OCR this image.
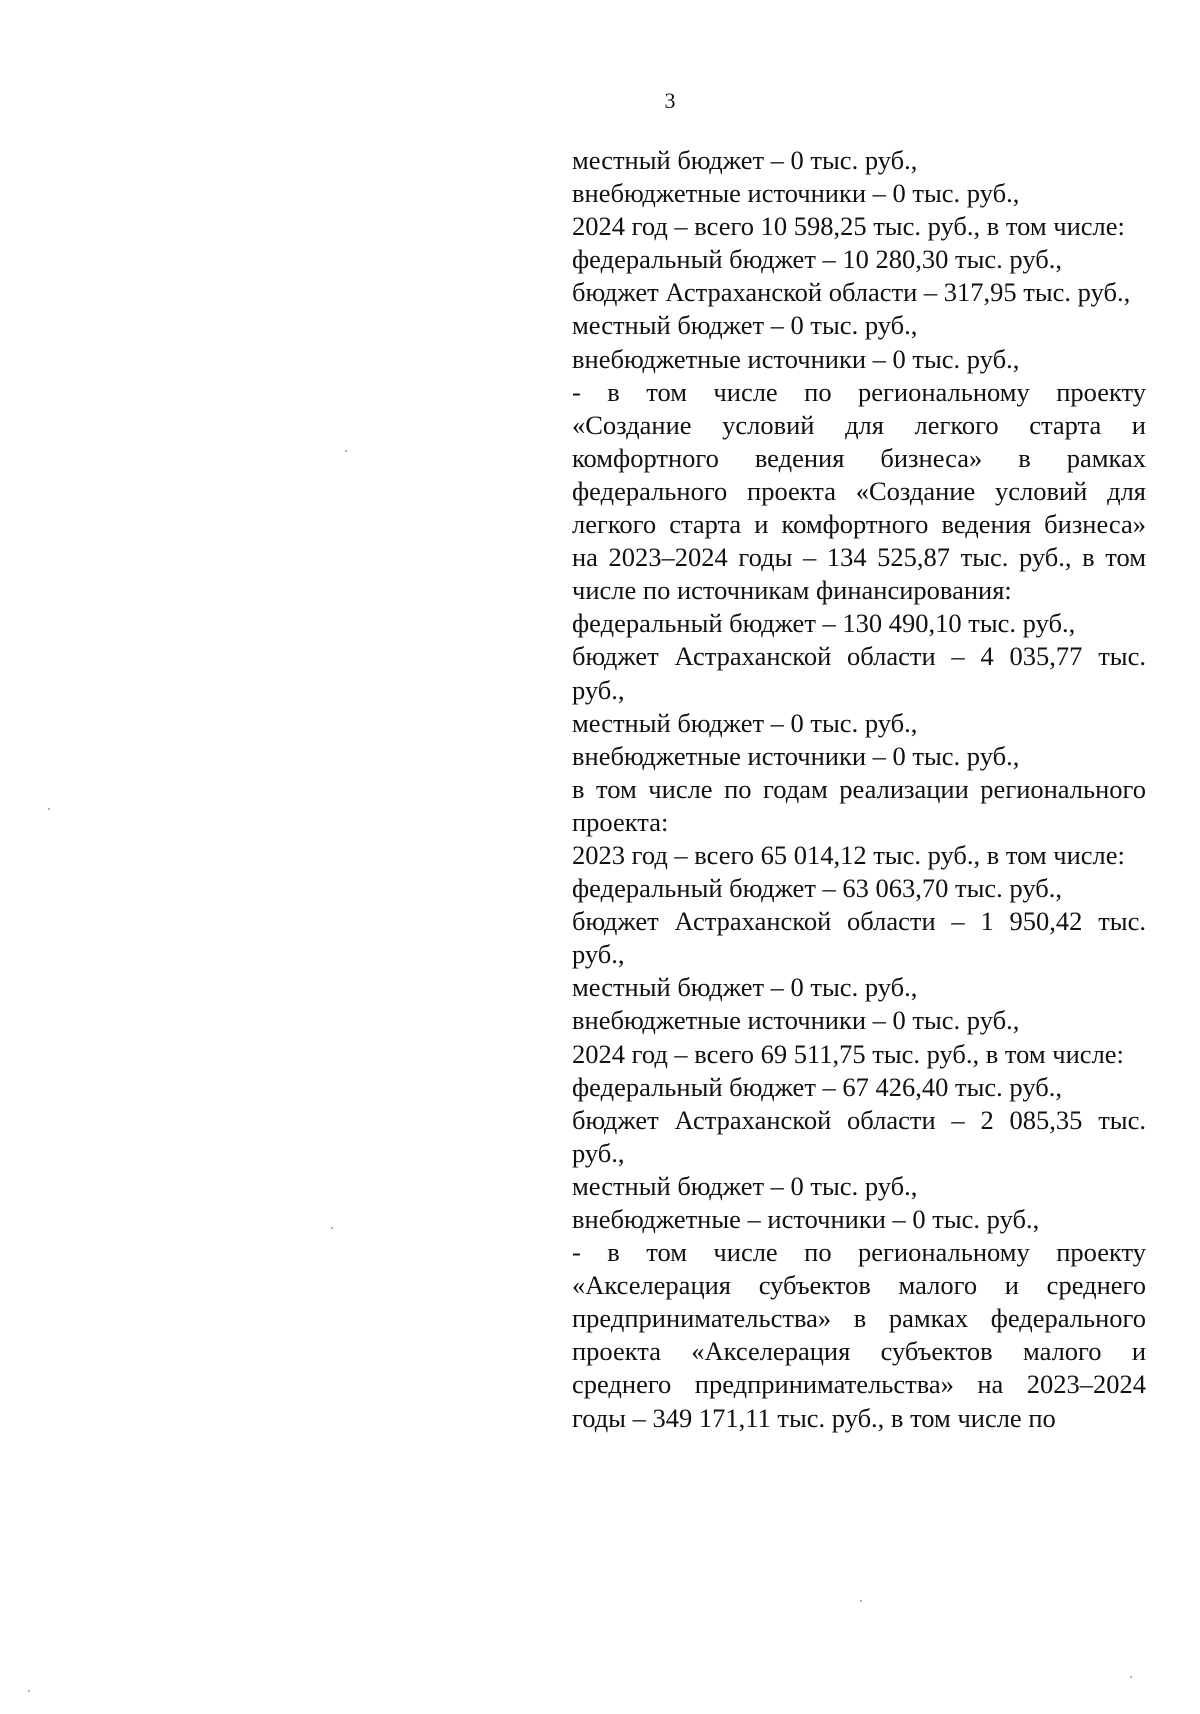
3

местный бюджет – 0 тыс. руб.,

внебюджетные источники – 0 тыс. руб.,

2024 год – всего 10 598,25 тыс. руб., в том числе:

федеральный бюджет – 10 280,30 тыс. руб.,

бюджет Астраханской области – 317,95 тыс. руб.,

местный бюджет – 0 тыс. руб.,

внебюджетные источники – 0 тыс. руб.,

- в том числе по региональному проекту «Создание условий для легкого старта и комфортного ведения бизнеса» в рамках федерального проекта «Создание условий для легкого старта и комфортного ведения бизнеса» на 2023–2024 годы – 134 525,87 тыс. руб., в том числе по источникам финансирования:

федеральный бюджет – 130 490,10 тыс. руб.,

бюджет Астраханской области – 4 035,77 тыс. руб.,

местный бюджет – 0 тыс. руб.,

внебюджетные источники – 0 тыс. руб.,

в том числе по годам реализации регионального проекта:

2023 год – всего 65 014,12 тыс. руб., в том числе:

федеральный бюджет – 63 063,70 тыс. руб.,

бюджет Астраханской области – 1 950,42 тыс. руб.,

местный бюджет – 0 тыс. руб.,

внебюджетные источники – 0 тыс. руб.,

2024 год – всего 69 511,75 тыс. руб., в том числе:

федеральный бюджет – 67 426,40 тыс. руб.,

бюджет Астраханской области – 2 085,35 тыс. руб.,

местный бюджет – 0 тыс. руб.,

внебюджетные – источники – 0 тыс. руб.,

- в том числе по региональному проекту «Акселерация субъектов малого и среднего предпринимательства» в рамках федерального проекта «Акселерация субъектов малого и среднего предпринимательства» на 2023–2024 годы – 349 171,11 тыс. руб., в том числе по
